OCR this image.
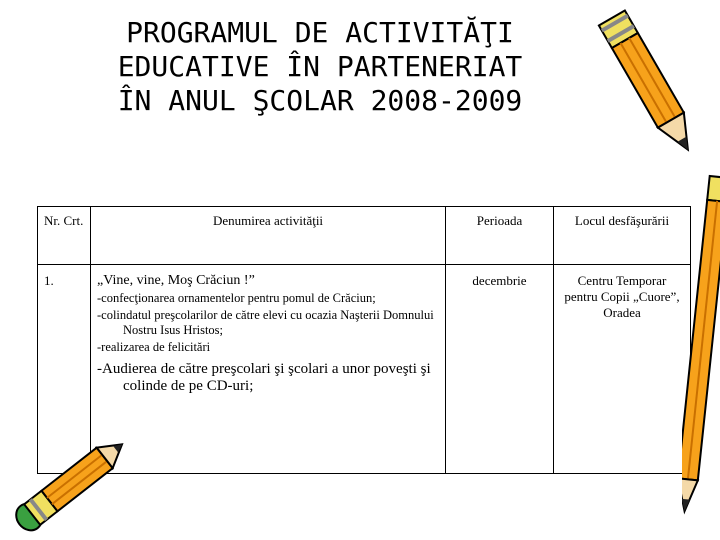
PROGRAMUL DE ACTIVITĂŢI
EDUCATIVE ÎN PARTENERIAT
ÎN ANUL ŞCOLAR 2008-2009
Nr. Crt.	Denumirea activităţii	Perioada	Locul desfăşurării
1.	„Vine, vine, Moş Crăciun !”
-confecţionarea ornamentelor pentru pomul de Crăciun;
-colindatul preşcolarilor de către elevi cu ocazia Naşterii Domnului Nostru Isus Hristos;
-realizarea de felicitări
-Audierea de către preşcolari şi şcolari a unor poveşti şi colinde de pe CD-uri;	decembrie	Centru Temporar pentru Copii „Cuore”, Oradea
